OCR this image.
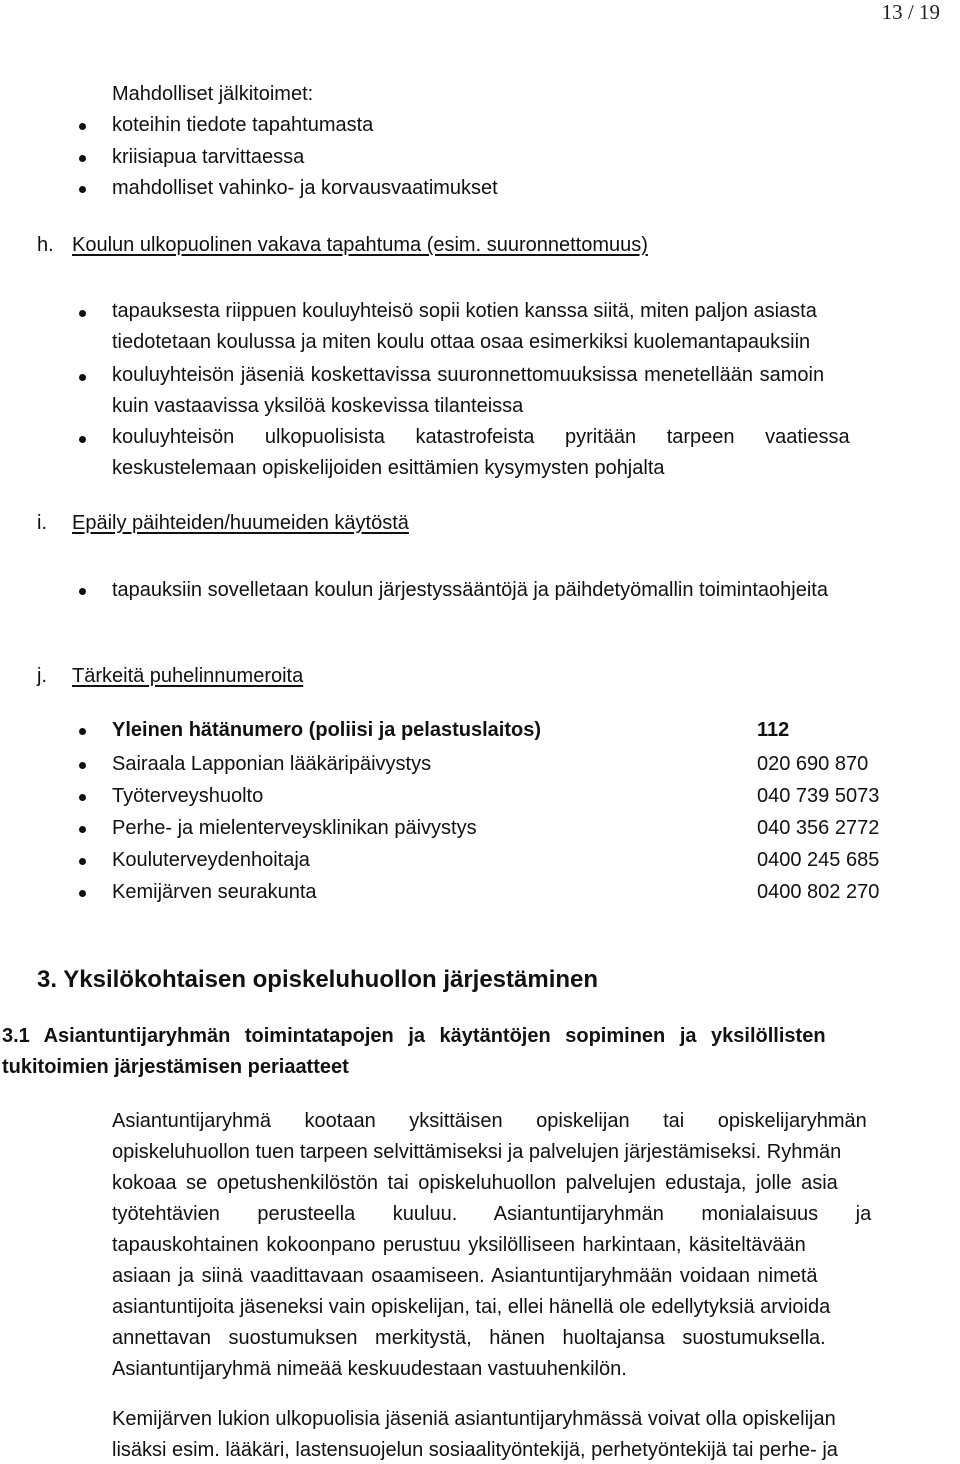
13 / 19
Mahdolliset jälkitoimet:
koteihin tiedote tapahtumasta
kriisiapua tarvittaessa
mahdolliset vahinko- ja korvausvaatimukset
h. Koulun ulkopuolinen vakava tapahtuma (esim. suuronnettomuus)
tapauksesta riippuen kouluyhteisö sopii kotien kanssa siitä, miten paljon asiasta
tiedotetaan koulussa ja miten koulu ottaa osaa esimerkiksi kuolemantapauksiin
kouluyhteisön jäseniä koskettavissa suuronnettomuuksissa menetellään samoin
kuin vastaavissa yksilöä koskevissa tilanteissa
kouluyhteisön ulkopuolisista katastrofeista pyritään tarpeen vaatiessa
keskustelemaan opiskelijoiden esittämien kysymysten pohjalta
i. Epäily päihteiden/huumeiden käytöstä
tapauksiin sovelletaan koulun järjestyssääntöjä ja päihdetyömallin toimintaohjeita
j. Tärkeitä puhelinnumeroita
Yleinen hätänumero (poliisi ja pelastuslaitos)	112
Sairaala Lapponian lääkäripäivystys	020 690 870
Työterveyshuolto	040 739 5073
Perhe- ja mielenterveysklinikan päivystys	040 356 2772
Kouluterveydenhoitaja	0400 245 685
Kemijärven seurakunta	0400 802 270
3. Yksilökohtaisen opiskeluhuollon järjestäminen
3.1 Asiantuntijaryhmän toimintatapojen ja käytäntöjen sopiminen ja yksilöllisten
tukitoimien järjestämisen periaatteet
Asiantuntijaryhmä kootaan yksittäisen opiskelijan tai opiskelijaryhmän
opiskeluhuollon tuen tarpeen selvittämiseksi ja palvelujen järjestämiseksi. Ryhmän
kokoaa se opetushenkilöstön tai opiskeluhuollon palvelujen edustaja, jolle asia
työtehtävien perusteella kuuluu. Asiantuntijaryhmän monialaisuus ja
tapauskohtainen kokoonpano perustuu yksilölliseen harkintaan, käsiteltävään
asiaan ja siinä vaadittavaan osaamiseen. Asiantuntijaryhmään voidaan nimetä
asiantuntijoita jäseneksi vain opiskelijan, tai, ellei hänellä ole edellytyksiä arvioida
annettavan suostumuksen merkitystä, hänen huoltajansa suostumuksella.
Asiantuntijaryhmä nimeää keskuudestaan vastuuhenkilön.
Kemijärven lukion ulkopuolisia jäseniä asiantuntijaryhmässä voivat olla opiskelijan
lisäksi esim. lääkäri, lastensuojelun sosiaalityöntekijä, perhetyöntekijä tai perhe- ja
